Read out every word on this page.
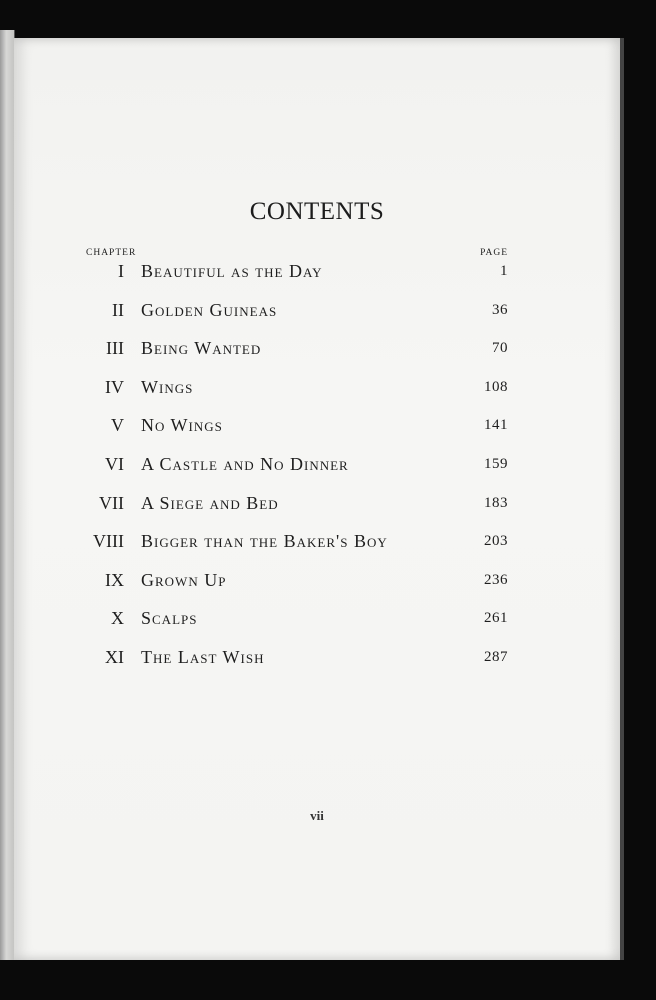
CONTENTS
CHAPTER	PAGE
I Beautiful as the Day	1
II Golden Guineas	36
III Being Wanted	70
IV Wings	108
V No Wings	141
VI A Castle and No Dinner	159
VII A Siege and Bed	183
VIII Bigger than the Baker's Boy	203
IX Grown Up	236
X Scalps	261
XI The Last Wish	287
vii
